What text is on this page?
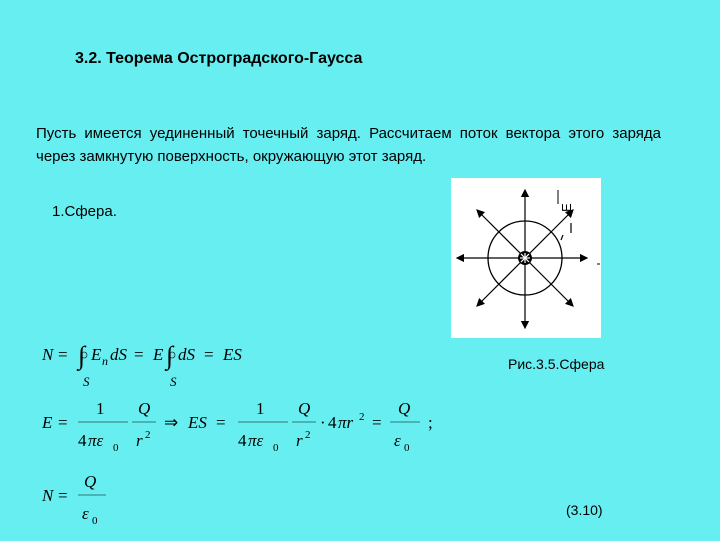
3.2. Теорема Остроградского-Гаусса
Пусть имеется уединенный точечный заряд. Рассчитаем поток вектора этого заряда через замкнутую поверхность, окружающую этот заряд.
1.Сфера.	E
Рис.3.5.Сфера
N = ∫ E n dS = E ∫ dS = ES
S	S
E =
1
4 πε 0
Q
r 2
⇒ ES =
1
4 πε 0
Q
r 2
· 4 πr 2 =
Q
ε 0
;
N =
Q
ε 0
(3.10)
